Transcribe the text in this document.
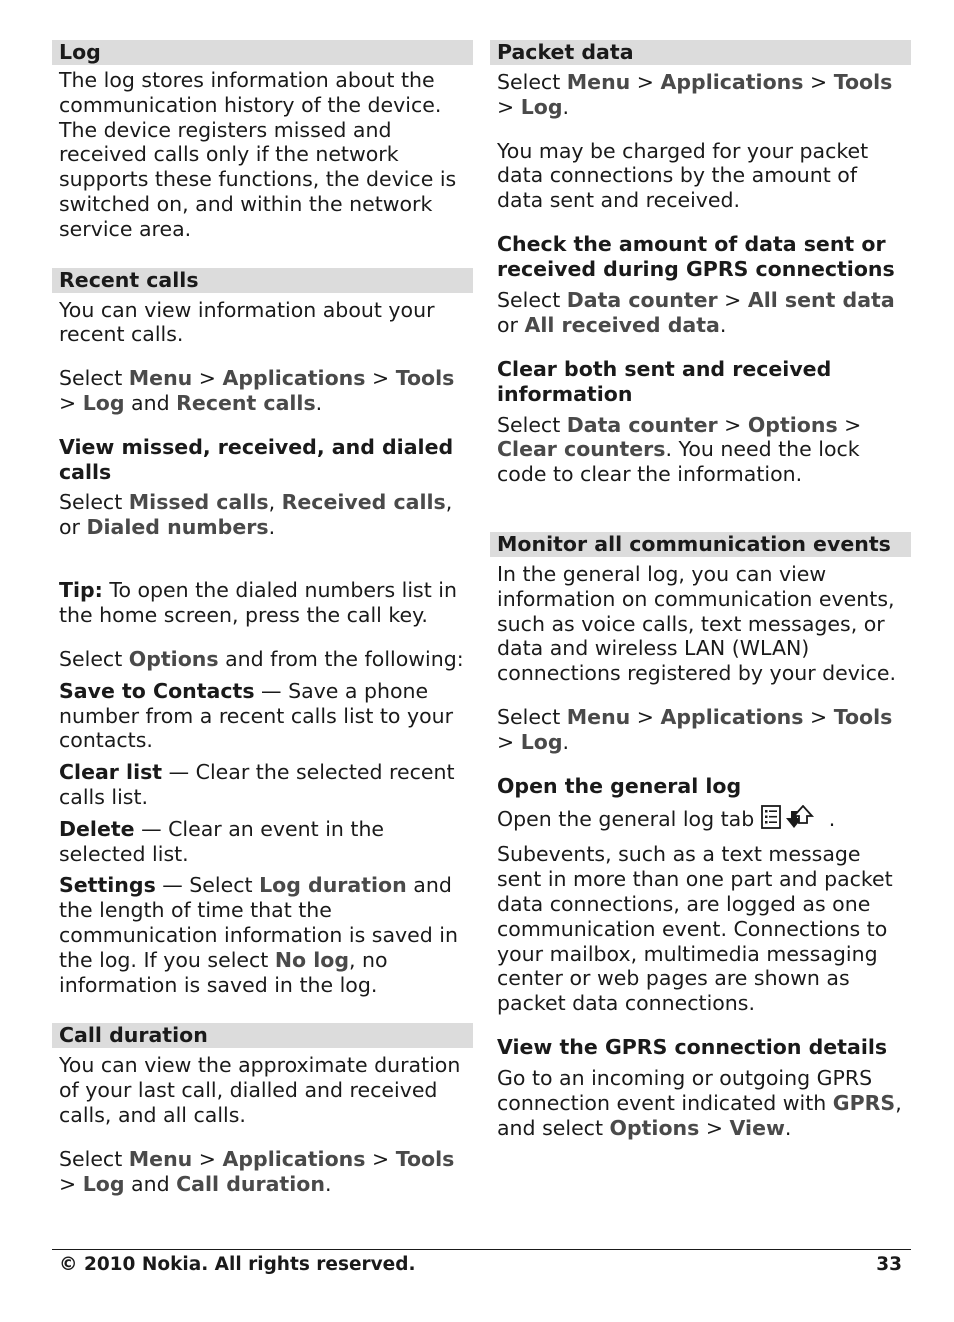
Log

The log stores information about the communication history of the device. The device registers missed and received calls only if the network supports these functions, the device is switched on, and within the network service area.

Recent calls

You can view information about your recent calls.

Select Menu > Applications > Tools > Log and Recent calls.

View missed, received, and dialed calls

Select Missed calls, Received calls, or Dialed numbers.

Tip: To open the dialed numbers list in the home screen, press the call key.

Select Options and from the following:

Save to Contacts — Save a phone number from a recent calls list to your contacts.

Clear list — Clear the selected recent calls list.

Delete — Clear an event in the selected list.

Settings — Select Log duration and the length of time that the communication information is saved in the log. If you select No log, no information is saved in the log.

Call duration

You can view the approximate duration of your last call, dialled and received calls, and all calls.

Select Menu > Applications > Tools > Log and Call duration.

Packet data

Select Menu > Applications > Tools > Log.

You may be charged for your packet data connections by the amount of data sent and received.

Check the amount of data sent or received during GPRS connections

Select Data counter > All sent data or All received data.

Clear both sent and received information

Select Data counter > Options > Clear counters. You need the lock code to clear the information.

Monitor all communication events

In the general log, you can view information on communication events, such as voice calls, text messages, or data and wireless LAN (WLAN) connections registered by your device.

Select Menu > Applications > Tools > Log.

Open the general log

Open the general log tab	.

Subevents, such as a text message sent in more than one part and packet data connections, are logged as one communication event. Connections to your mailbox, multimedia messaging center or web pages are shown as packet data connections.

View the GPRS connection details

Go to an incoming or outgoing GPRS connection event indicated with GPRS, and select Options > View.

© 2010 Nokia. All rights reserved.	33
